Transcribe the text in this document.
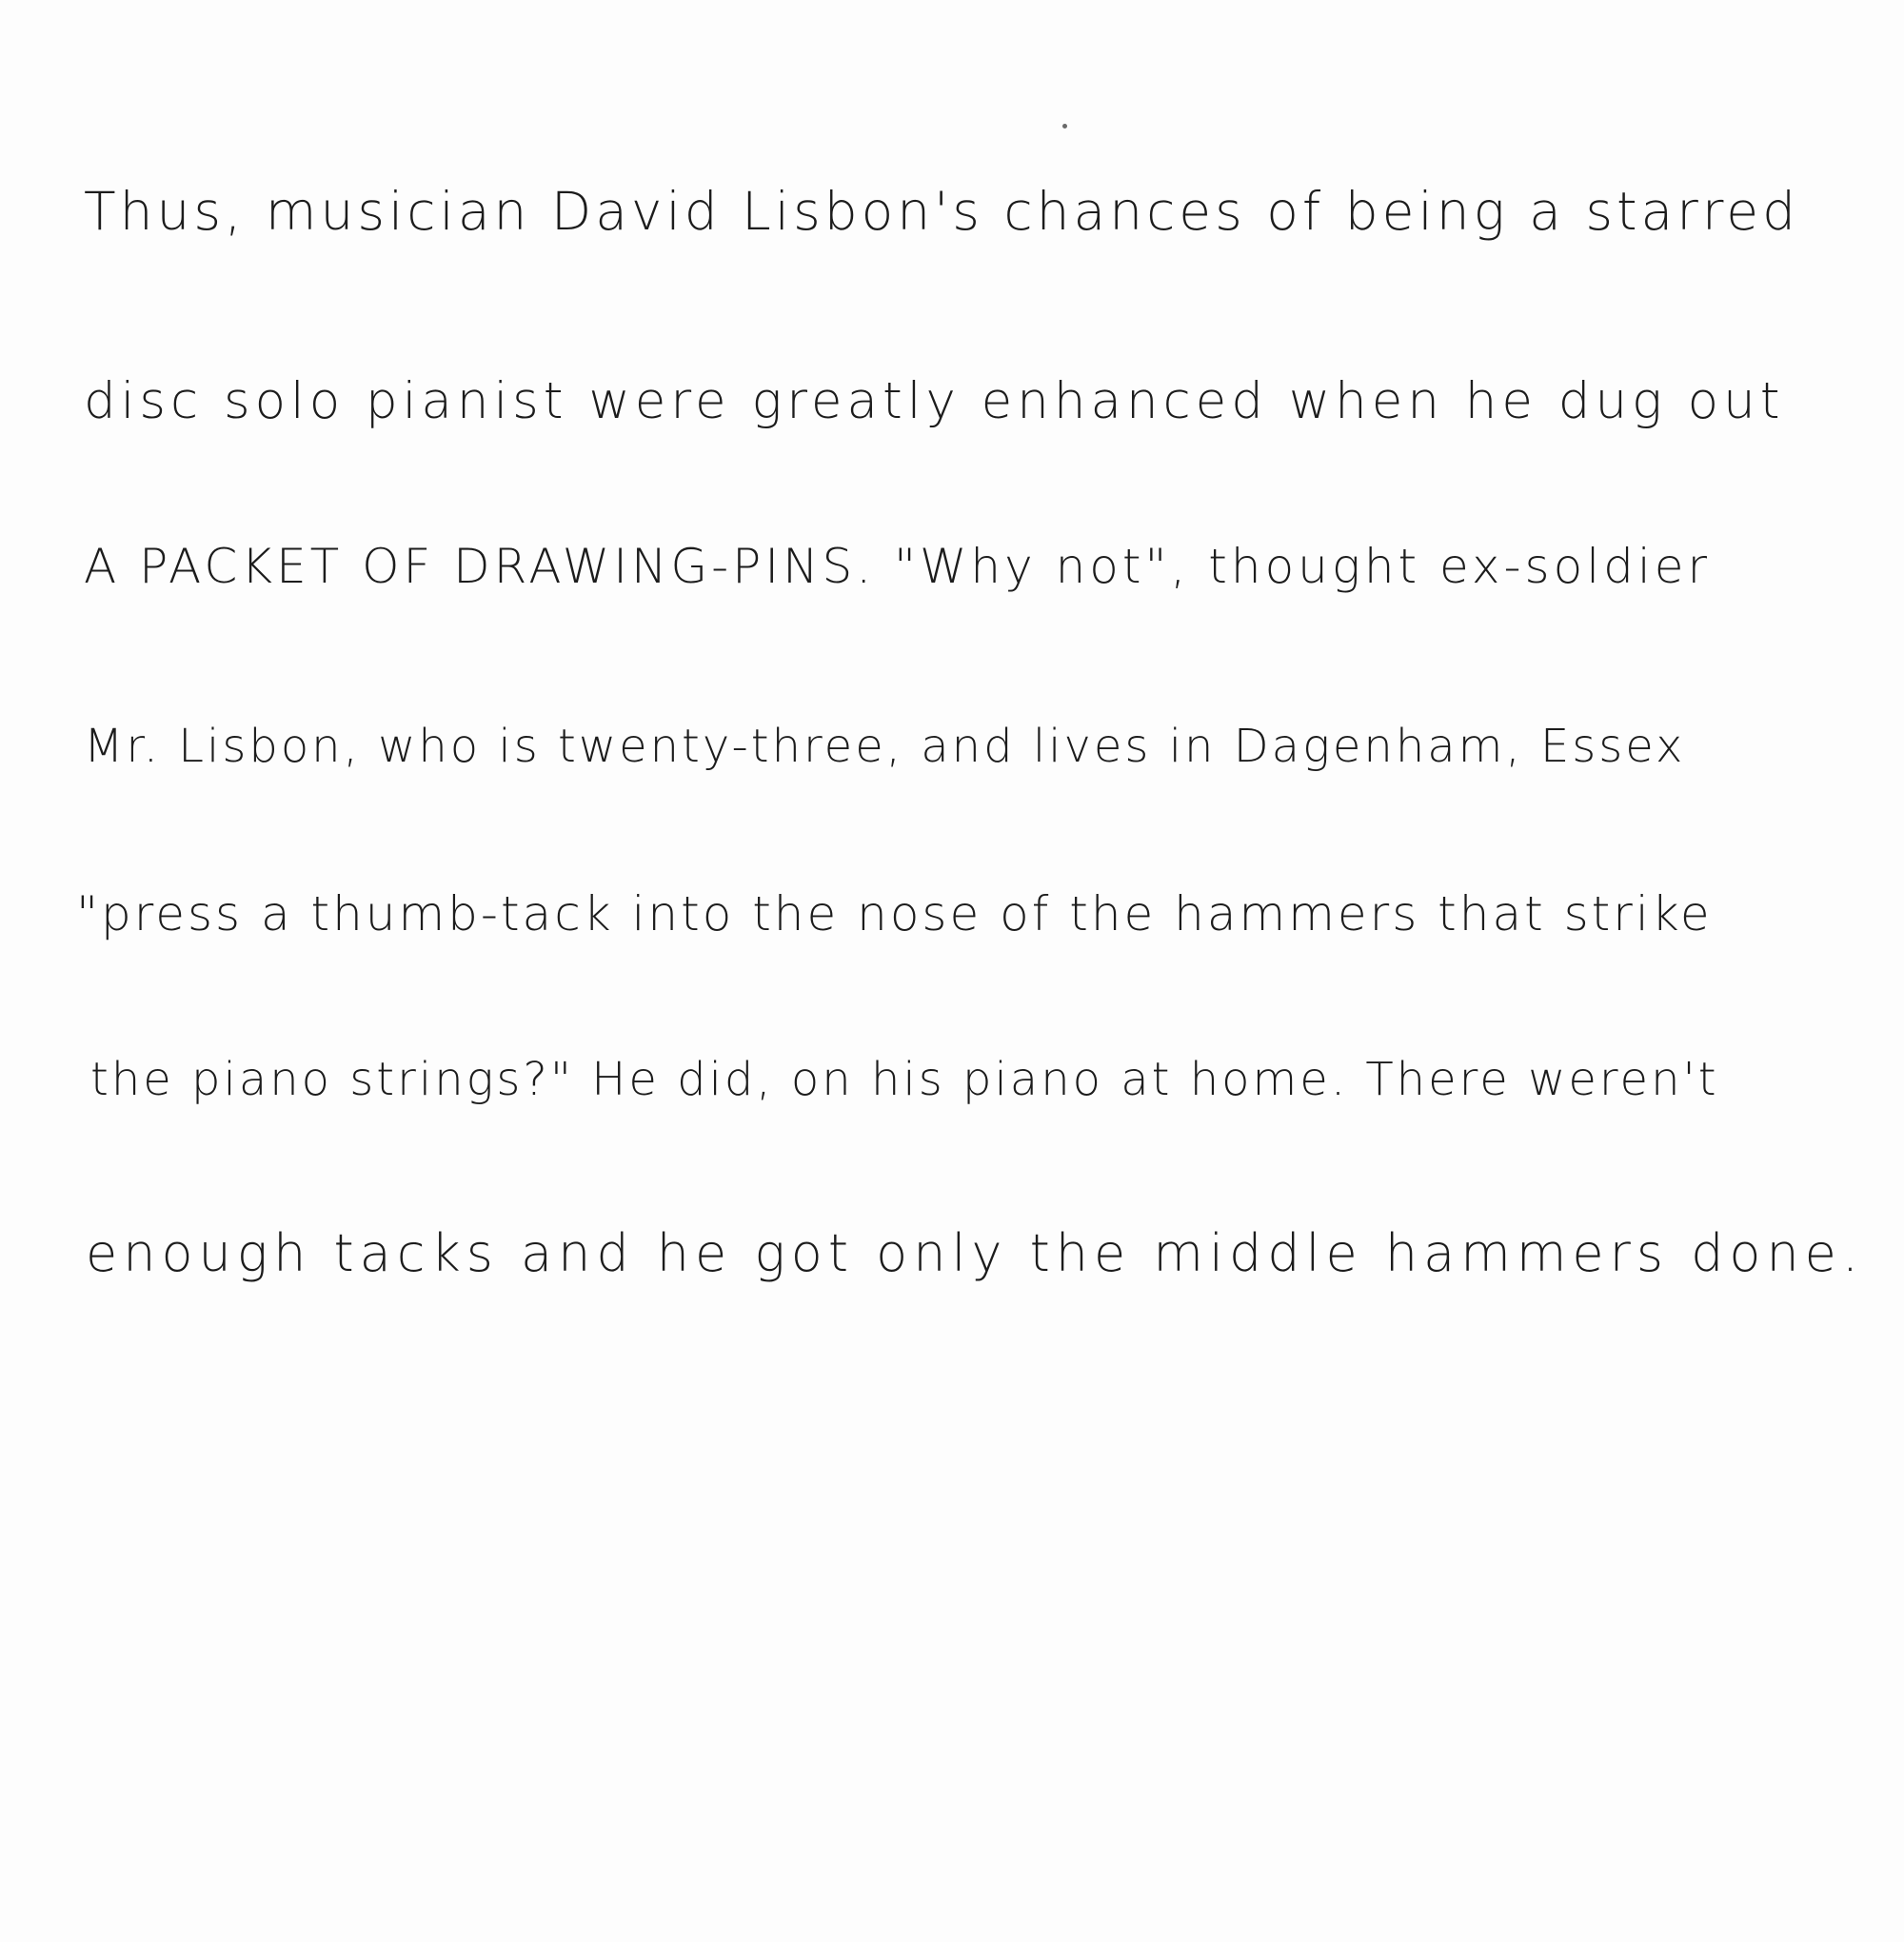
Thus, musician David Lisbon's chances of being a starred
disc solo pianist were greatly enhanced when he dug out
A PACKET OF DRAWING-PINS. "Why not", thought ex-soldier
Mr. Lisbon, who is twenty-three, and lives in Dagenham, Essex
"press a thumb-tack into the nose of the hammers that strike
the piano strings?" He did, on his piano at home. There weren't
enough tacks and he got only the middle hammers done.
